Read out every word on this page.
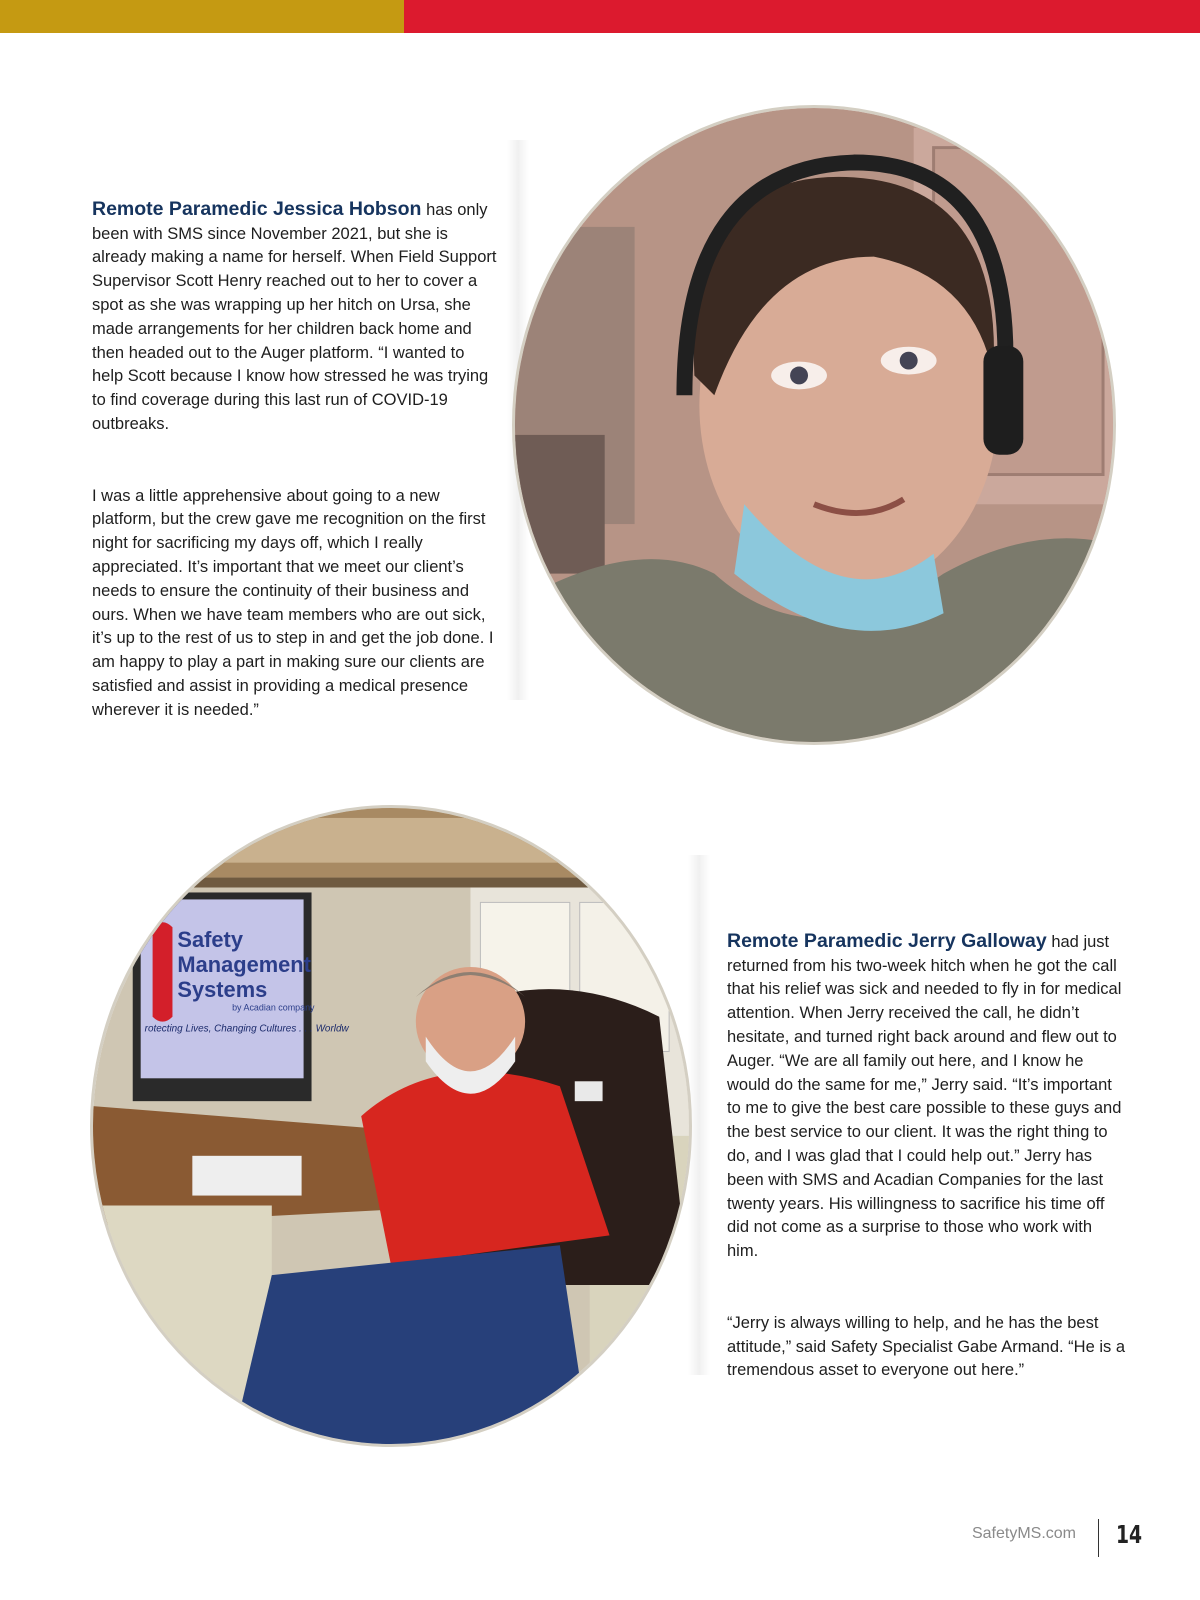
Remote Paramedic Jessica Hobson has only been with SMS since November 2021, but she is already making a name for herself. When Field Support Supervisor Scott Henry reached out to her to cover a spot as she was wrapping up her hitch on Ursa, she made arrangements for her children back home and then headed out to the Auger platform. “I wanted to help Scott because I know how stressed he was trying to find coverage during this last run of COVID-19 outbreaks.

I was a little apprehensive about going to a new platform, but the crew gave me recognition on the first night for sacrificing my days off, which I really appreciated. It’s important that we meet our client’s needs to ensure the continuity of their business and ours. When we have team members who are out sick, it’s up to the rest of us to step in and get the job done. I am happy to play a part in making sure our clients are satisfied and assist in providing a medical presence wherever it is needed.”

Safety
Management
Systems
by Acadian company
rotecting Lives, Changing Cultures . . . Worldw

Remote Paramedic Jerry Galloway had just returned from his two-week hitch when he got the call that his relief was sick and needed to fly in for medical attention. When Jerry received the call, he didn’t hesitate, and turned right back around and flew out to Auger. “We are all family out here, and I know he would do the same for me,” Jerry said. “It’s important to me to give the best care possible to these guys and the best service to our client. It was the right thing to do, and I was glad that I could help out.” Jerry has been with SMS and Acadian Companies for the last twenty years. His willingness to sacrifice his time off did not come as a surprise to those who work with him.

“Jerry is always willing to help, and he has the best attitude,” said Safety Specialist Gabe Armand. “He is a tremendous asset to everyone out here.”

SafetyMS.com 14
